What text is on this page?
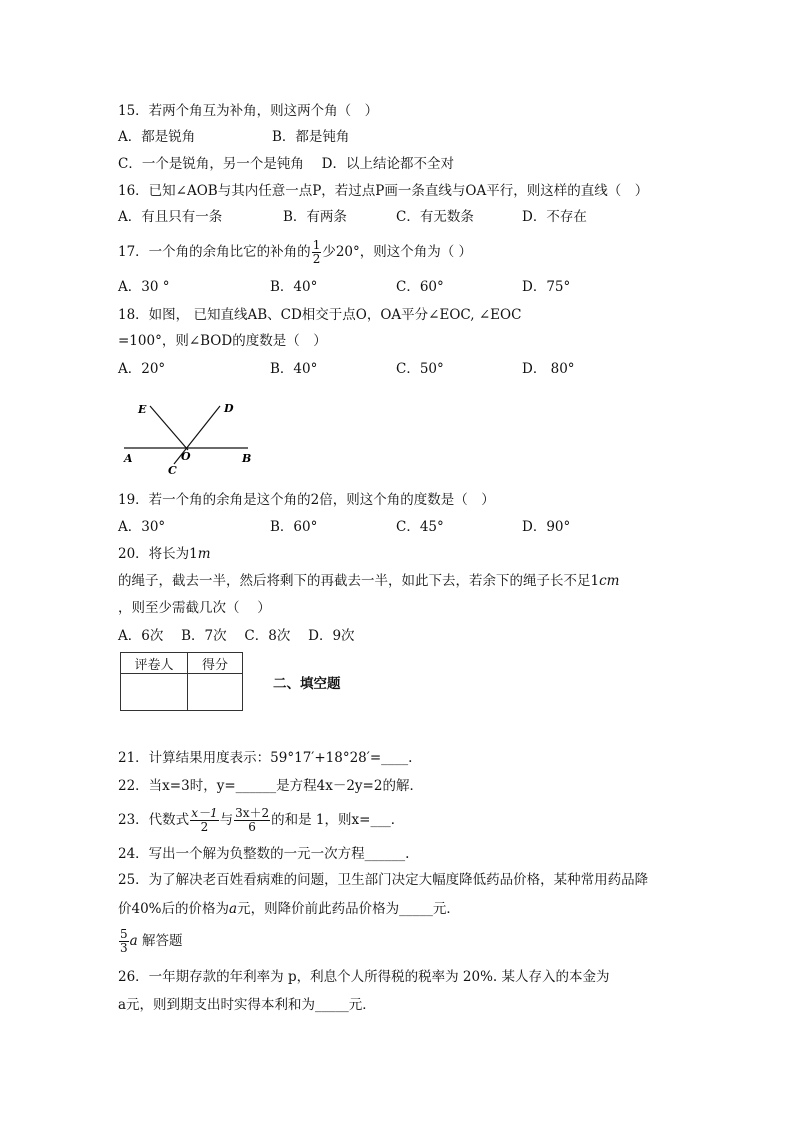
15．若两个角互为补角，则这两个角（　）
A．都是锐角	B．都是钝角
C．一个是锐角，另一个是钝角　 D．以上结论都不全对
16．已知∠AOB与其内任意一点P，若过点P画一条直线与OA平行，则这样的直线（　）
A．有且只有一条	B．有两条	C．有无数条	D．不存在
17．一个角的余角比它的补角的 $\frac{1}{2}$ 少20°，则这个角为（ ）
A．30 °	B．40°	C．60°	D．75°
18．如图， 已知直线AB、CD相交于点O，OA平分∠EOC, ∠EOC
=100°，则∠BOD的度数是（　）
A．20°	B．40°	C．50°	D． 80°
E	D
A	O	B
C
19．若一个角的余角是这个角的2倍，则这个角的度数是（　）
A．30°	B．60°	C．45°	D．90°
20．将长为1m
的绳子，截去一半，然后将剩下的再截去一半，如此下去，若余下的绳子长不足1cm
，则至少需截几次（　 ）
A．6次　 B．7次　 C．8次　 D．9次
评卷人	得分

二、填空题
21．计算结果用度表示：59°17′+18°28′=____.
22．当x=3时，y=______是方程4x－2y=2的解．
23．代数式 $\frac{x-1}{2}$ 与 $\frac{3x+2}{6}$ 的和是 1，则x=___．
24．写出一个解为负整数的一元一次方程______.
25．为了解决老百姓看病难的问题，卫生部门决定大幅度降低药品价格，某种常用药品降
价40%后的价格为a元，则降价前此药品价格为_____元．
$\frac{5}{3}$ a 解答题
26．一年期存款的年利率为 p，利息个人所得税的税率为 20%. 某人存入的本金为
a元，则到期支出时实得本利和为_____元．
